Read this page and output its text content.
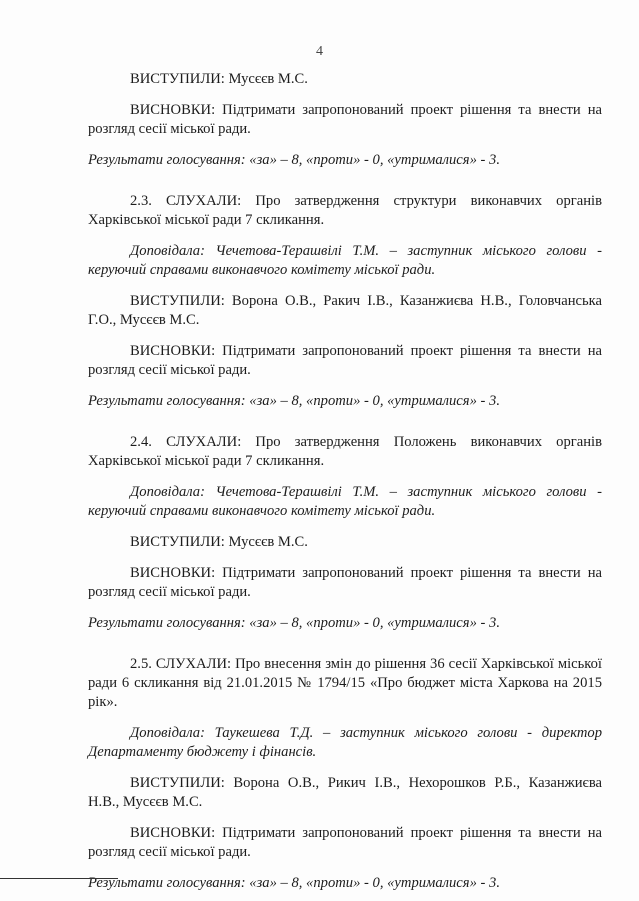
4

ВИСТУПИЛИ: Мусєєв М.С.

ВИСНОВКИ: Підтримати запропонований проект рішення та внести на розгляд сесії міської ради.

Результати голосування: «за» – 8, «проти» - 0, «утрималися» - 3.

2.3. СЛУХАЛИ: Про затвердження структури виконавчих органів Харківської міської ради 7 скликання.

Доповідала: Чечетова-Терашвілі Т.М. – заступник міського голови - керуючий справами виконавчого комітету міської ради.

ВИСТУПИЛИ: Ворона О.В., Ракич І.В., Казанжиєва Н.В., Головчанська Г.О., Мусєєв М.С.

ВИСНОВКИ: Підтримати запропонований проект рішення та внести на розгляд сесії міської ради.

Результати голосування: «за» – 8, «проти» - 0, «утрималися» - 3.

2.4. СЛУХАЛИ: Про затвердження Положень виконавчих органів Харківської міської ради 7 скликання.

Доповідала: Чечетова-Терашвілі Т.М. – заступник міського голови - керуючий справами виконавчого комітету міської ради.

ВИСТУПИЛИ: Мусєєв М.С.

ВИСНОВКИ: Підтримати запропонований проект рішення та внести на розгляд сесії міської ради.

Результати голосування: «за» – 8, «проти» - 0, «утрималися» - 3.

2.5. СЛУХАЛИ: Про внесення змін до рішення 36 сесії Харківської міської ради 6 скликання від 21.01.2015 № 1794/15 «Про бюджет міста Харкова на 2015 рік».

Доповідала: Таукешева Т.Д. – заступник міського голови - директор Департаменту бюджету і фінансів.

ВИСТУПИЛИ: Ворона О.В., Рикич І.В., Нехорошков Р.Б., Казанжиєва Н.В., Мусєєв М.С.

ВИСНОВКИ: Підтримати запропонований проект рішення та внести на розгляд сесії міської ради.

Результати голосування: «за» – 8, «проти» - 0, «утрималися» - 3.
